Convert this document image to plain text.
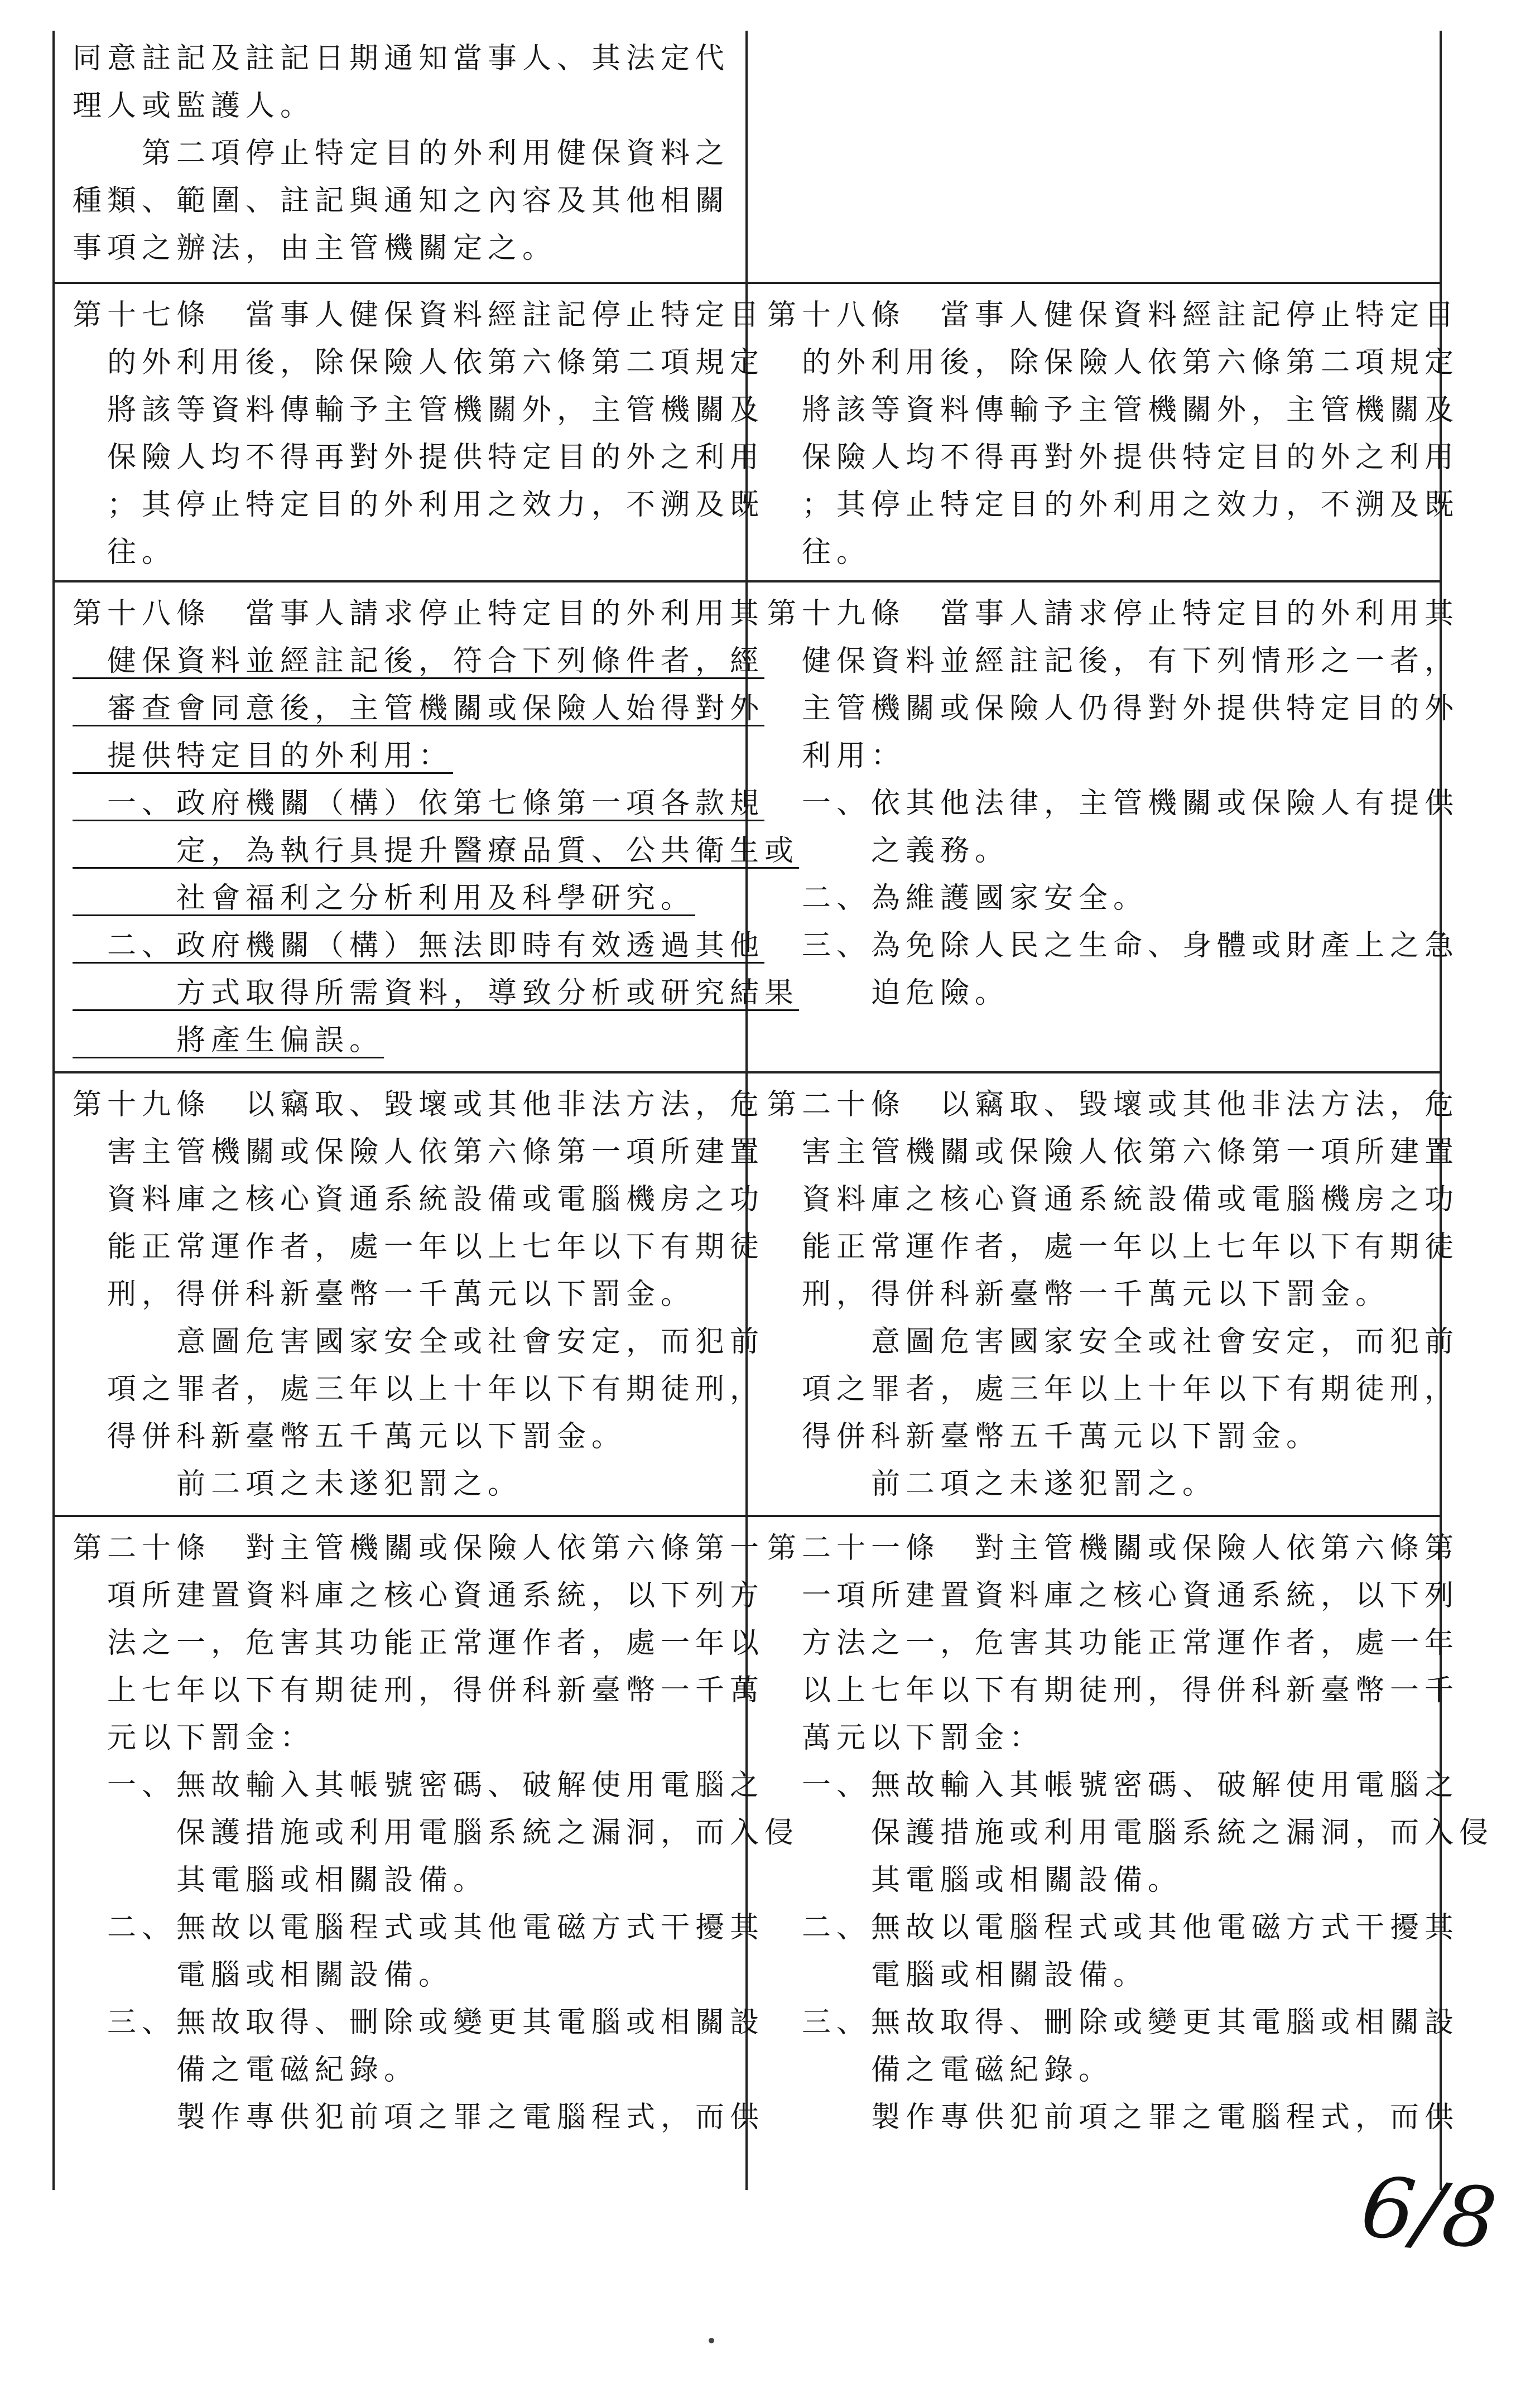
同意註記及註記日期通知當事人、其法定代
理人或監護人。
　　第二項停止特定目的外利用健保資料之
種類、範圍、註記與通知之內容及其他相關
事項之辦法，由主管機關定之。
第十七條　當事人健保資料經註記停止特定目
　的外利用後，除保險人依第六條第二項規定
　將該等資料傳輸予主管機關外，主管機關及
　保險人均不得再對外提供特定目的外之利用
　；其停止特定目的外利用之效力，不溯及既
　往。
第十八條　當事人健保資料經註記停止特定目
　的外利用後，除保險人依第六條第二項規定
　將該等資料傳輸予主管機關外，主管機關及
　保險人均不得再對外提供特定目的外之利用
　；其停止特定目的外利用之效力，不溯及既
　往。
第十八條　當事人請求停止特定目的外利用其
　健保資料並經註記後，符合下列條件者，經
　審查會同意後，主管機關或保險人始得對外
　提供特定目的外利用：
　一、政府機關（構）依第七條第一項各款規
　　　定，為執行具提升醫療品質、公共衛生或
　　　社會福利之分析利用及科學研究。
　二、政府機關（構）無法即時有效透過其他
　　　方式取得所需資料，導致分析或研究結果
　　　將產生偏誤。
第十九條　當事人請求停止特定目的外利用其
　健保資料並經註記後，有下列情形之一者，
　主管機關或保險人仍得對外提供特定目的外
　利用：
　一、依其他法律，主管機關或保險人有提供
　　　之義務。
　二、為維護國家安全。
　三、為免除人民之生命、身體或財產上之急
　　　迫危險。
第十九條　以竊取、毀壞或其他非法方法，危
　害主管機關或保險人依第六條第一項所建置
　資料庫之核心資通系統設備或電腦機房之功
　能正常運作者，處一年以上七年以下有期徒
　刑，得併科新臺幣一千萬元以下罰金。
　　　意圖危害國家安全或社會安定，而犯前
　項之罪者，處三年以上十年以下有期徒刑，
　得併科新臺幣五千萬元以下罰金。
　　　前二項之未遂犯罰之。
第二十條　以竊取、毀壞或其他非法方法，危
　害主管機關或保險人依第六條第一項所建置
　資料庫之核心資通系統設備或電腦機房之功
　能正常運作者，處一年以上七年以下有期徒
　刑，得併科新臺幣一千萬元以下罰金。
　　　意圖危害國家安全或社會安定，而犯前
　項之罪者，處三年以上十年以下有期徒刑，
　得併科新臺幣五千萬元以下罰金。
　　　前二項之未遂犯罰之。
第二十條　對主管機關或保險人依第六條第一
　項所建置資料庫之核心資通系統，以下列方
　法之一，危害其功能正常運作者，處一年以
　上七年以下有期徒刑，得併科新臺幣一千萬
　元以下罰金：
　一、無故輸入其帳號密碼、破解使用電腦之
　　　保護措施或利用電腦系統之漏洞，而入侵
　　　其電腦或相關設備。
　二、無故以電腦程式或其他電磁方式干擾其
　　　電腦或相關設備。
　三、無故取得、刪除或變更其電腦或相關設
　　　備之電磁紀錄。
　　　製作專供犯前項之罪之電腦程式，而供
第二十一條　對主管機關或保險人依第六條第
　一項所建置資料庫之核心資通系統，以下列
　方法之一，危害其功能正常運作者，處一年
　以上七年以下有期徒刑，得併科新臺幣一千
　萬元以下罰金：
　一、無故輸入其帳號密碼、破解使用電腦之
　　　保護措施或利用電腦系統之漏洞，而入侵
　　　其電腦或相關設備。
　二、無故以電腦程式或其他電磁方式干擾其
　　　電腦或相關設備。
　三、無故取得、刪除或變更其電腦或相關設
　　　備之電磁紀錄。
　　　製作專供犯前項之罪之電腦程式，而供
6/8
